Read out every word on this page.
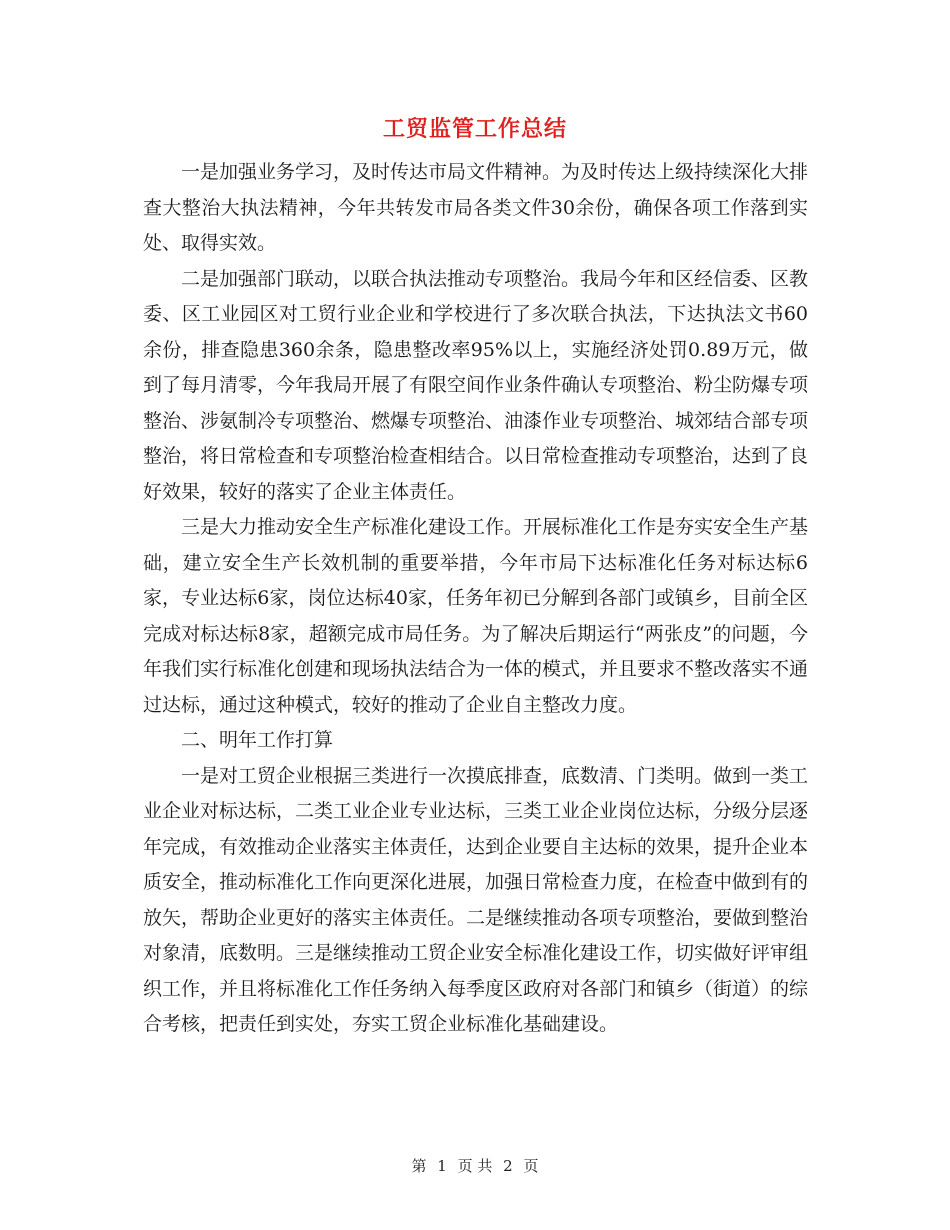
工贸监管工作总结

一是加强业务学习，及时传达市局文件精神。为及时传达上级持续深化大排查大整治大执法精神，今年共转发市局各类文件30余份，确保各项工作落到实处、取得实效。

二是加强部门联动，以联合执法推动专项整治。我局今年和区经信委、区教委、区工业园区对工贸行业企业和学校进行了多次联合执法，下达执法文书60余份，排查隐患360余条，隐患整改率95%以上，实施经济处罚0.89万元，做到了每月清零，今年我局开展了有限空间作业条件确认专项整治、粉尘防爆专项整治、涉氨制冷专项整治、燃爆专项整治、油漆作业专项整治、城郊结合部专项整治，将日常检查和专项整治检查相结合。以日常检查推动专项整治，达到了良好效果，较好的落实了企业主体责任。

三是大力推动安全生产标准化建设工作。开展标准化工作是夯实安全生产基础，建立安全生产长效机制的重要举措，今年市局下达标准化任务对标达标6家，专业达标6家，岗位达标40家，任务年初已分解到各部门或镇乡，目前全区完成对标达标8家，超额完成市局任务。为了解决后期运行“两张皮”的问题，今年我们实行标准化创建和现场执法结合为一体的模式，并且要求不整改落实不通过达标，通过这种模式，较好的推动了企业自主整改力度。

二、明年工作打算

一是对工贸企业根据三类进行一次摸底排查，底数清、门类明。做到一类工业企业对标达标，二类工业企业专业达标，三类工业企业岗位达标，分级分层逐年完成，有效推动企业落实主体责任，达到企业要自主达标的效果，提升企业本质安全，推动标准化工作向更深化进展，加强日常检查力度，在检查中做到有的放矢，帮助企业更好的落实主体责任。二是继续推动各项专项整治，要做到整治对象清，底数明。三是继续推动工贸企业安全标准化建设工作，切实做好评审组织工作，并且将标准化工作任务纳入每季度区政府对各部门和镇乡（街道）的综合考核，把责任到实处，夯实工贸企业标准化基础建设。

第 1 页 共 2 页
